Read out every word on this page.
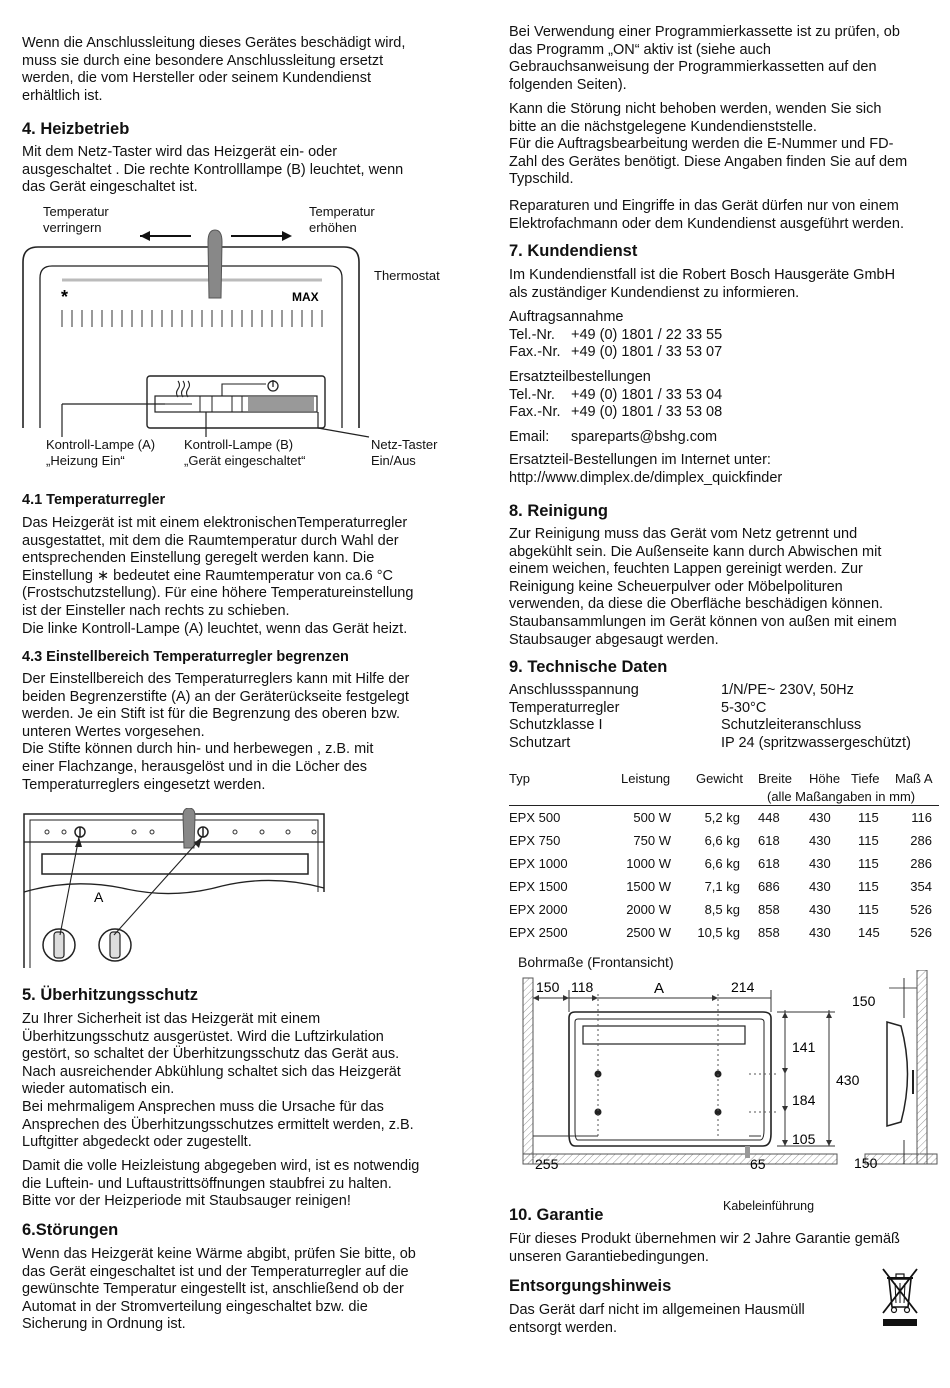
Wenn die Anschlussleitung dieses Gerätes beschädigt wird,
muss sie durch eine besondere Anschlussleitung ersetzt
werden, die vom Hersteller oder seinem Kundendienst
erhältlich ist.

4. Heizbetrieb

Mit dem Netz-Taster wird das Heizgerät ein- oder
ausgeschaltet . Die rechte Kontrolllampe (B) leuchtet, wenn
das Gerät eingeschaltet ist.

*	MAX
Temperatur
verringern
Temperatur
erhöhen
Thermostat
Kontroll-Lampe (A)
„Heizung Ein“
Kontroll-Lampe (B)
„Gerät eingeschaltet“
Netz-Taster
Ein/Aus
4.1 Temperaturregler

Das Heizgerät ist mit einem elektronischenTemperaturregler
ausgestattet, mit dem die Raumtemperatur durch Wahl der
entsprechenden Einstellung geregelt werden kann. Die
Einstellung ∗ bedeutet eine Raumtemperatur von ca.6 °C
(Frostschutzstellung). Für eine höhere Temperatureinstellung
ist der Einsteller nach rechts zu schieben.
Die linke Kontroll-Lampe (A) leuchtet, wenn das Gerät heizt.

4.3 Einstellbereich Temperaturregler begrenzen

Der Einstellbereich des Temperaturreglers kann mit Hilfe der
beiden Begrenzerstifte (A) an der Geräterückseite festgelegt
werden. Je ein Stift ist für die Begrenzung des oberen bzw.
unteren Wertes vorgesehen.
Die Stifte können durch hin- und herbewegen , z.B. mit
einer Flachzange, herausgelöst und in die Löcher des
Temperaturreglers eingesetzt werden.

A
5. Überhitzungsschutz

Zu Ihrer Sicherheit ist das Heizgerät mit einem
Überhitzungsschutz ausgerüstet. Wird die Luftzirkulation
gestört, so schaltet der Überhitzungsschutz das Gerät aus.
Nach ausreichender Abkühlung schaltet sich das Heizgerät
wieder automatisch ein.
Bei mehrmaligem Ansprechen muss die Ursache für das
Ansprechen des Überhitzungsschutzes ermittelt werden, z.B.
Luftgitter abgedeckt oder zugestellt.

Damit die volle Heizleistung abgegeben wird, ist es notwendig
die Luftein- und Luftaustrittsöffnungen staubfrei zu halten.
Bitte vor der Heizperiode mit Staubsauger reinigen!

6.Störungen

Wenn das Heizgerät keine Wärme abgibt, prüfen Sie bitte, ob
das Gerät eingeschaltet ist und der Temperaturregler auf die
gewünschte Temperatur eingestellt ist, anschließend ob der
Automat in der Stromverteilung eingeschaltet bzw. die
Sicherung in Ordnung ist.

Bei Verwendung einer Programmierkassette ist zu prüfen, ob
das Programm „ON“ aktiv ist (siehe auch
Gebrauchsanweisung der Programmierkassetten auf den
folgenden Seiten).

Kann die Störung nicht behoben werden, wenden Sie sich
bitte an die nächstgelegene Kundendienststelle.
Für die Auftragsbearbeitung werden die E-Nummer und FD-
Zahl des Gerätes benötigt. Diese Angaben finden Sie auf dem
Typschild.

Reparaturen und Eingriffe in das Gerät dürfen nur von einem
Elektrofachmann oder dem Kundendienst ausgeführt werden.

7. Kundendienst

Im Kundendienstfall ist die Robert Bosch Hausgeräte GmbH
als zuständiger Kundendienst zu informieren.

Auftragsannahme
Tel.-Nr. +49 (0) 1801 / 22 33 55
Fax.-Nr. +49 (0) 1801 / 33 53 07
Ersatzteilbestellungen
Tel.-Nr. +49 (0) 1801 / 33 53 04
Fax.-Nr. +49 (0) 1801 / 33 53 08
Email: spareparts@bshg.com

Ersatzteil-Bestellungen im Internet unter:
http://www.dimplex.de/dimplex_quickfinder

8. Reinigung

Zur Reinigung muss das Gerät vom Netz getrennt und
abgekühlt sein. Die Außenseite kann durch Abwischen mit
einem weichen, feuchten Lappen gereinigt werden. Zur
Reinigung keine Scheuerpulver oder Möbelpolituren
verwenden, da diese die Oberfläche beschädigen können.
Staubansammlungen im Gerät können von außen mit einem
Staubsauger abgesaugt werden.

9. Technische Daten
Anschlussspannung	1/N/PE~ 230V, 50Hz
Temperaturregler	5-30°C
Schutzklasse I	Schutzleiteranschluss
Schutzart	IP 24 (spritzwassergeschützt)
Typ	Leistung Gewicht Breite Höhe Tiefe Maß A
(alle Maßangaben in mm)
EPX 500	500 W	5,2 kg 448 430 115	116
EPX 750	750 W	6,6 kg 618 430 115 286
EPX 1000	1000 W	6,6 kg 618 430 115 286
EPX 1500	1500 W	7,1 kg 686 430 115 354
EPX 2000	2000 W	8,5 kg 858 430 115 526
EPX 2500	2500 W 10,5 kg 858 430 145 526
Bohrmaße (Frontansicht)
150 118	A	214
141
184
105
430
255	65
150
150
Kabeleinführung
10. Garantie

Für dieses Produkt übernehmen wir 2 Jahre Garantie gemäß
unseren Garantiebedingungen.

Entsorgungshinweis

Das Gerät darf nicht im allgemeinen Hausmüll
entsorgt werden.
